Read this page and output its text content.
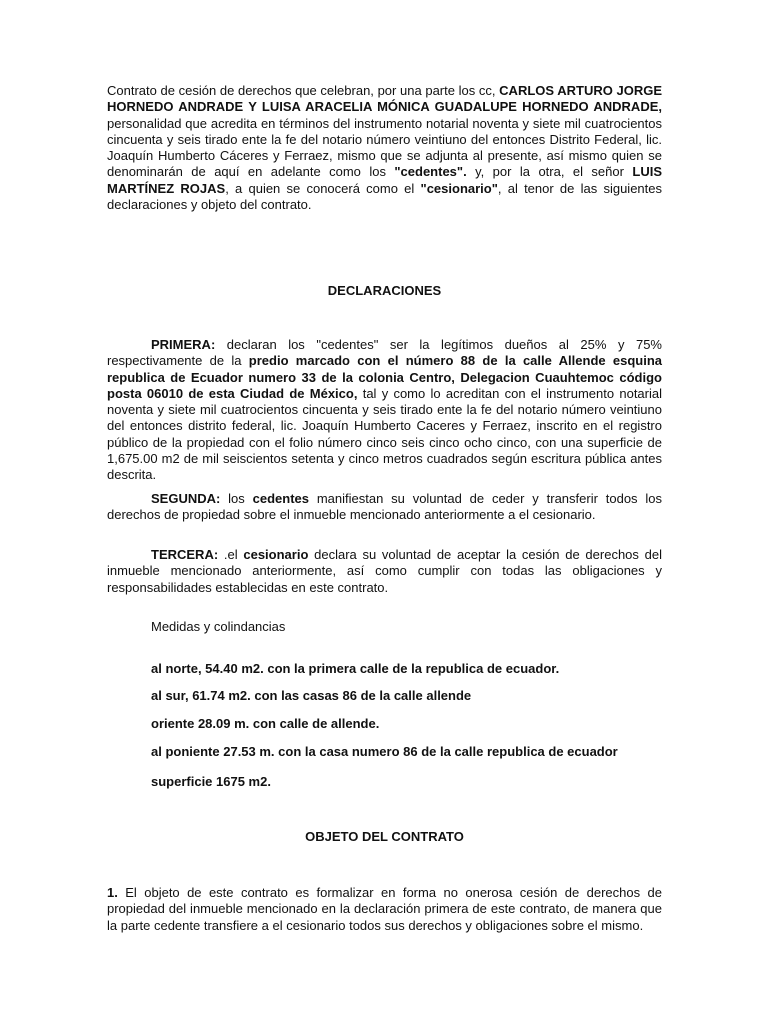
Contrato de cesión de derechos que celebran, por una parte los cc, CARLOS ARTURO JORGE HORNEDO ANDRADE Y LUISA ARACELIA MÓNICA GUADALUPE HORNEDO ANDRADE, personalidad que acredita en términos del instrumento notarial noventa y siete mil cuatrocientos cincuenta y seis tirado ente la fe del notario número veintiuno del entonces Distrito Federal, lic. Joaquín Humberto Cáceres y Ferraez, mismo que se adjunta al presente, así mismo quien se denominarán de aquí en adelante como los "cedentes". y, por la otra, el señor LUIS MARTÍNEZ ROJAS, a quien se conocerá como el "cesionario", al tenor de las siguientes declaraciones y objeto del contrato.

DECLARACIONES

PRIMERA: declaran los "cedentes" ser la legítimos dueños al 25% y 75% respectivamente de la predio marcado con el número 88 de la calle Allende esquina republica de Ecuador numero 33 de la colonia Centro, Delegacion Cuauhtemoc código posta 06010 de esta Ciudad de México, tal y como lo acreditan con el instrumento notarial noventa y siete mil cuatrocientos cincuenta y seis tirado ente la fe del notario número veintiuno del entonces distrito federal, lic. Joaquín Humberto Caceres y Ferraez, inscrito en el registro público de la propiedad con el folio número cinco seis cinco ocho cinco, con una superficie de 1,675.00 m2 de mil seiscientos setenta y cinco metros cuadrados según escritura pública antes descrita.

SEGUNDA: los cedentes manifiestan su voluntad de ceder y transferir todos los derechos de propiedad sobre el inmueble mencionado anteriormente a el cesionario.

TERCERA: .el cesionario declara su voluntad de aceptar la cesión de derechos del inmueble mencionado anteriormente, así como cumplir con todas las obligaciones y responsabilidades establecidas en este contrato.

Medidas y colindancias

al norte, 54.40 m2. con la primera calle de la republica de ecuador.

al sur, 61.74 m2. con las casas 86 de la calle allende

oriente 28.09 m. con calle de allende.

al poniente 27.53 m. con la casa numero 86 de la calle republica de ecuador

superficie 1675 m2.

OBJETO DEL CONTRATO

1. El objeto de este contrato es formalizar en forma no onerosa cesión de derechos de propiedad del inmueble mencionado en la declaración primera de este contrato, de manera que la parte cedente transfiere a el cesionario todos sus derechos y obligaciones sobre el mismo.
